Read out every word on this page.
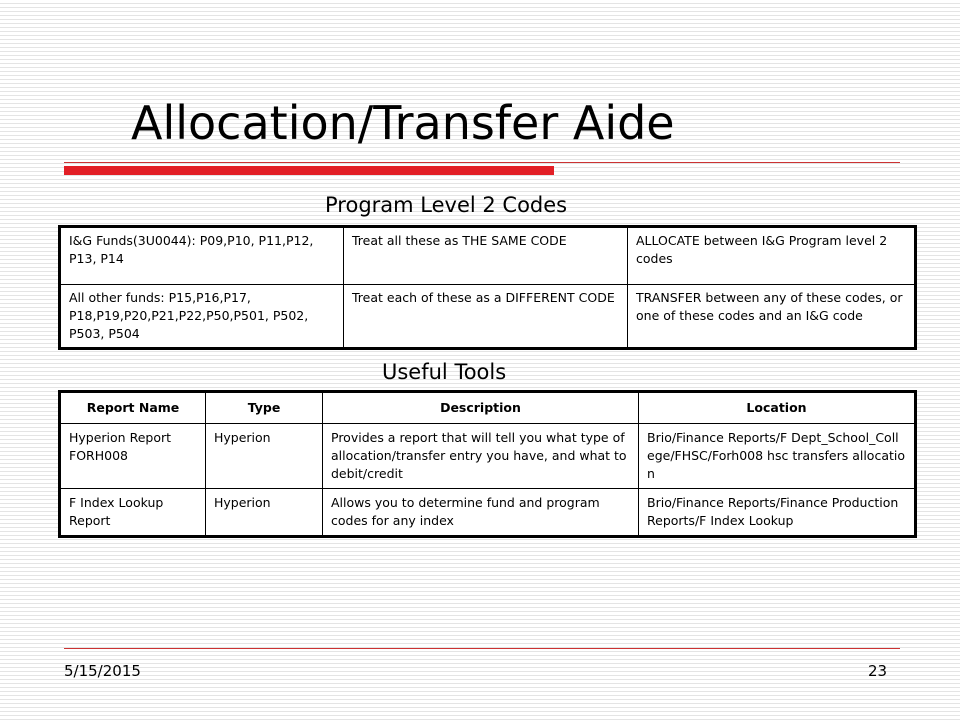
Allocation/Transfer Aide
Program Level 2 Codes
I&G Funds(3U0044): P09,P10, P11,P12, P13, P14	Treat all these as THE SAME CODE	ALLOCATE between I&G Program level 2 codes
All other funds: P15,P16,P17, P18,P19,P20,P21,P22,P50,P501, P502, P503, P504	Treat each of these as a DIFFERENT CODE	TRANSFER between any of these codes, or one of these codes and an I&G code
Useful Tools
Report Name	Type	Description	Location
Hyperion Report FORH008	Hyperion	Provides a report that will tell you what type of allocation/transfer entry you have, and what to debit/credit	Brio/Finance Reports/F Dept_School_College/FHSC/Forh008 hsc transfers allocation
F Index Lookup Report	Hyperion	Allows you to determine fund and program codes for any index	Brio/Finance Reports/Finance Production Reports/F Index Lookup
5/15/2015	23
